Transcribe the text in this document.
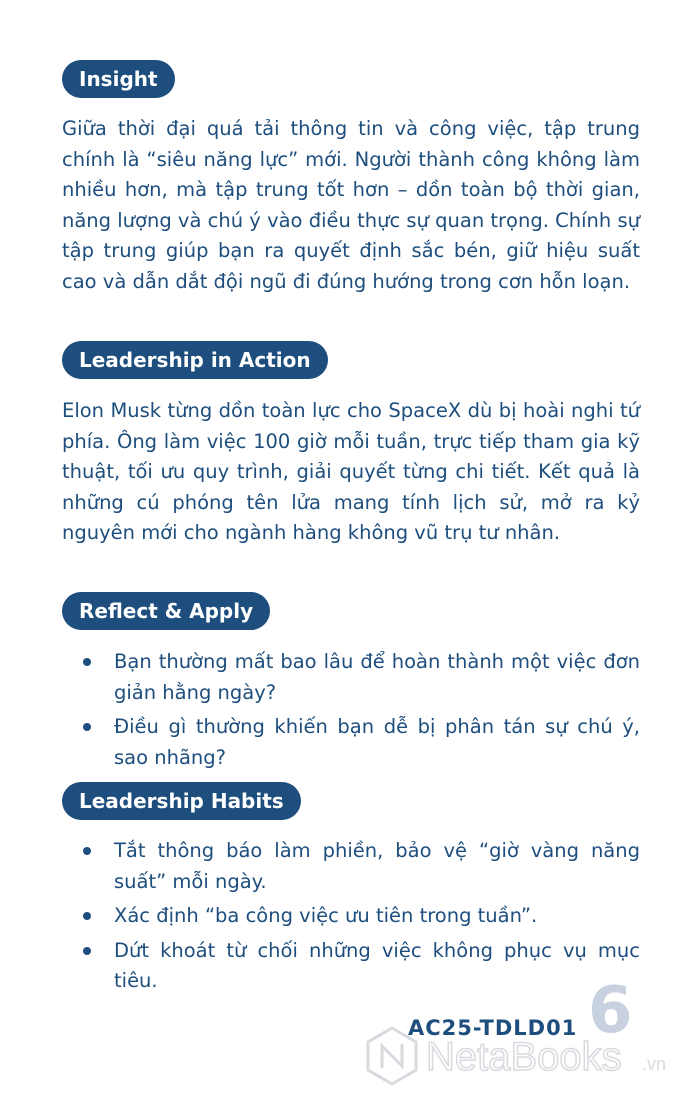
Insight

Giữa thời đại quá tải thông tin và công việc, tập trung chính là “siêu năng lực” mới. Người thành công không làm nhiều hơn, mà tập trung tốt hơn – dồn toàn bộ thời gian, năng lượng và chú ý vào điều thực sự quan trọng. Chính sự tập trung giúp bạn ra quyết định sắc bén, giữ hiệu suất cao và dẫn dắt đội ngũ đi đúng hướng trong cơn hỗn loạn.

Leadership in Action

Elon Musk từng dồn toàn lực cho SpaceX dù bị hoài nghi tứ phía. Ông làm việc 100 giờ mỗi tuần, trực tiếp tham gia kỹ thuật, tối ưu quy trình, giải quyết từng chi tiết. Kết quả là những cú phóng tên lửa mang tính lịch sử, mở ra kỷ nguyên mới cho ngành hàng không vũ trụ tư nhân.

Reflect & Apply
Bạn thường mất bao lâu để hoàn thành một việc đơn giản hằng ngày?
Điều gì thường khiến bạn dễ bị phân tán sự chú ý, sao nhãng?
Leadership Habits
Tắt thông báo làm phiền, bảo vệ “giờ vàng năng suất” mỗi ngày.
Xác định “ba công việc ưu tiên trong tuần”.
Dứt khoát từ chối những việc không phục vụ mục tiêu.	6
AC25-TDLD01
NetaBooks .vn
